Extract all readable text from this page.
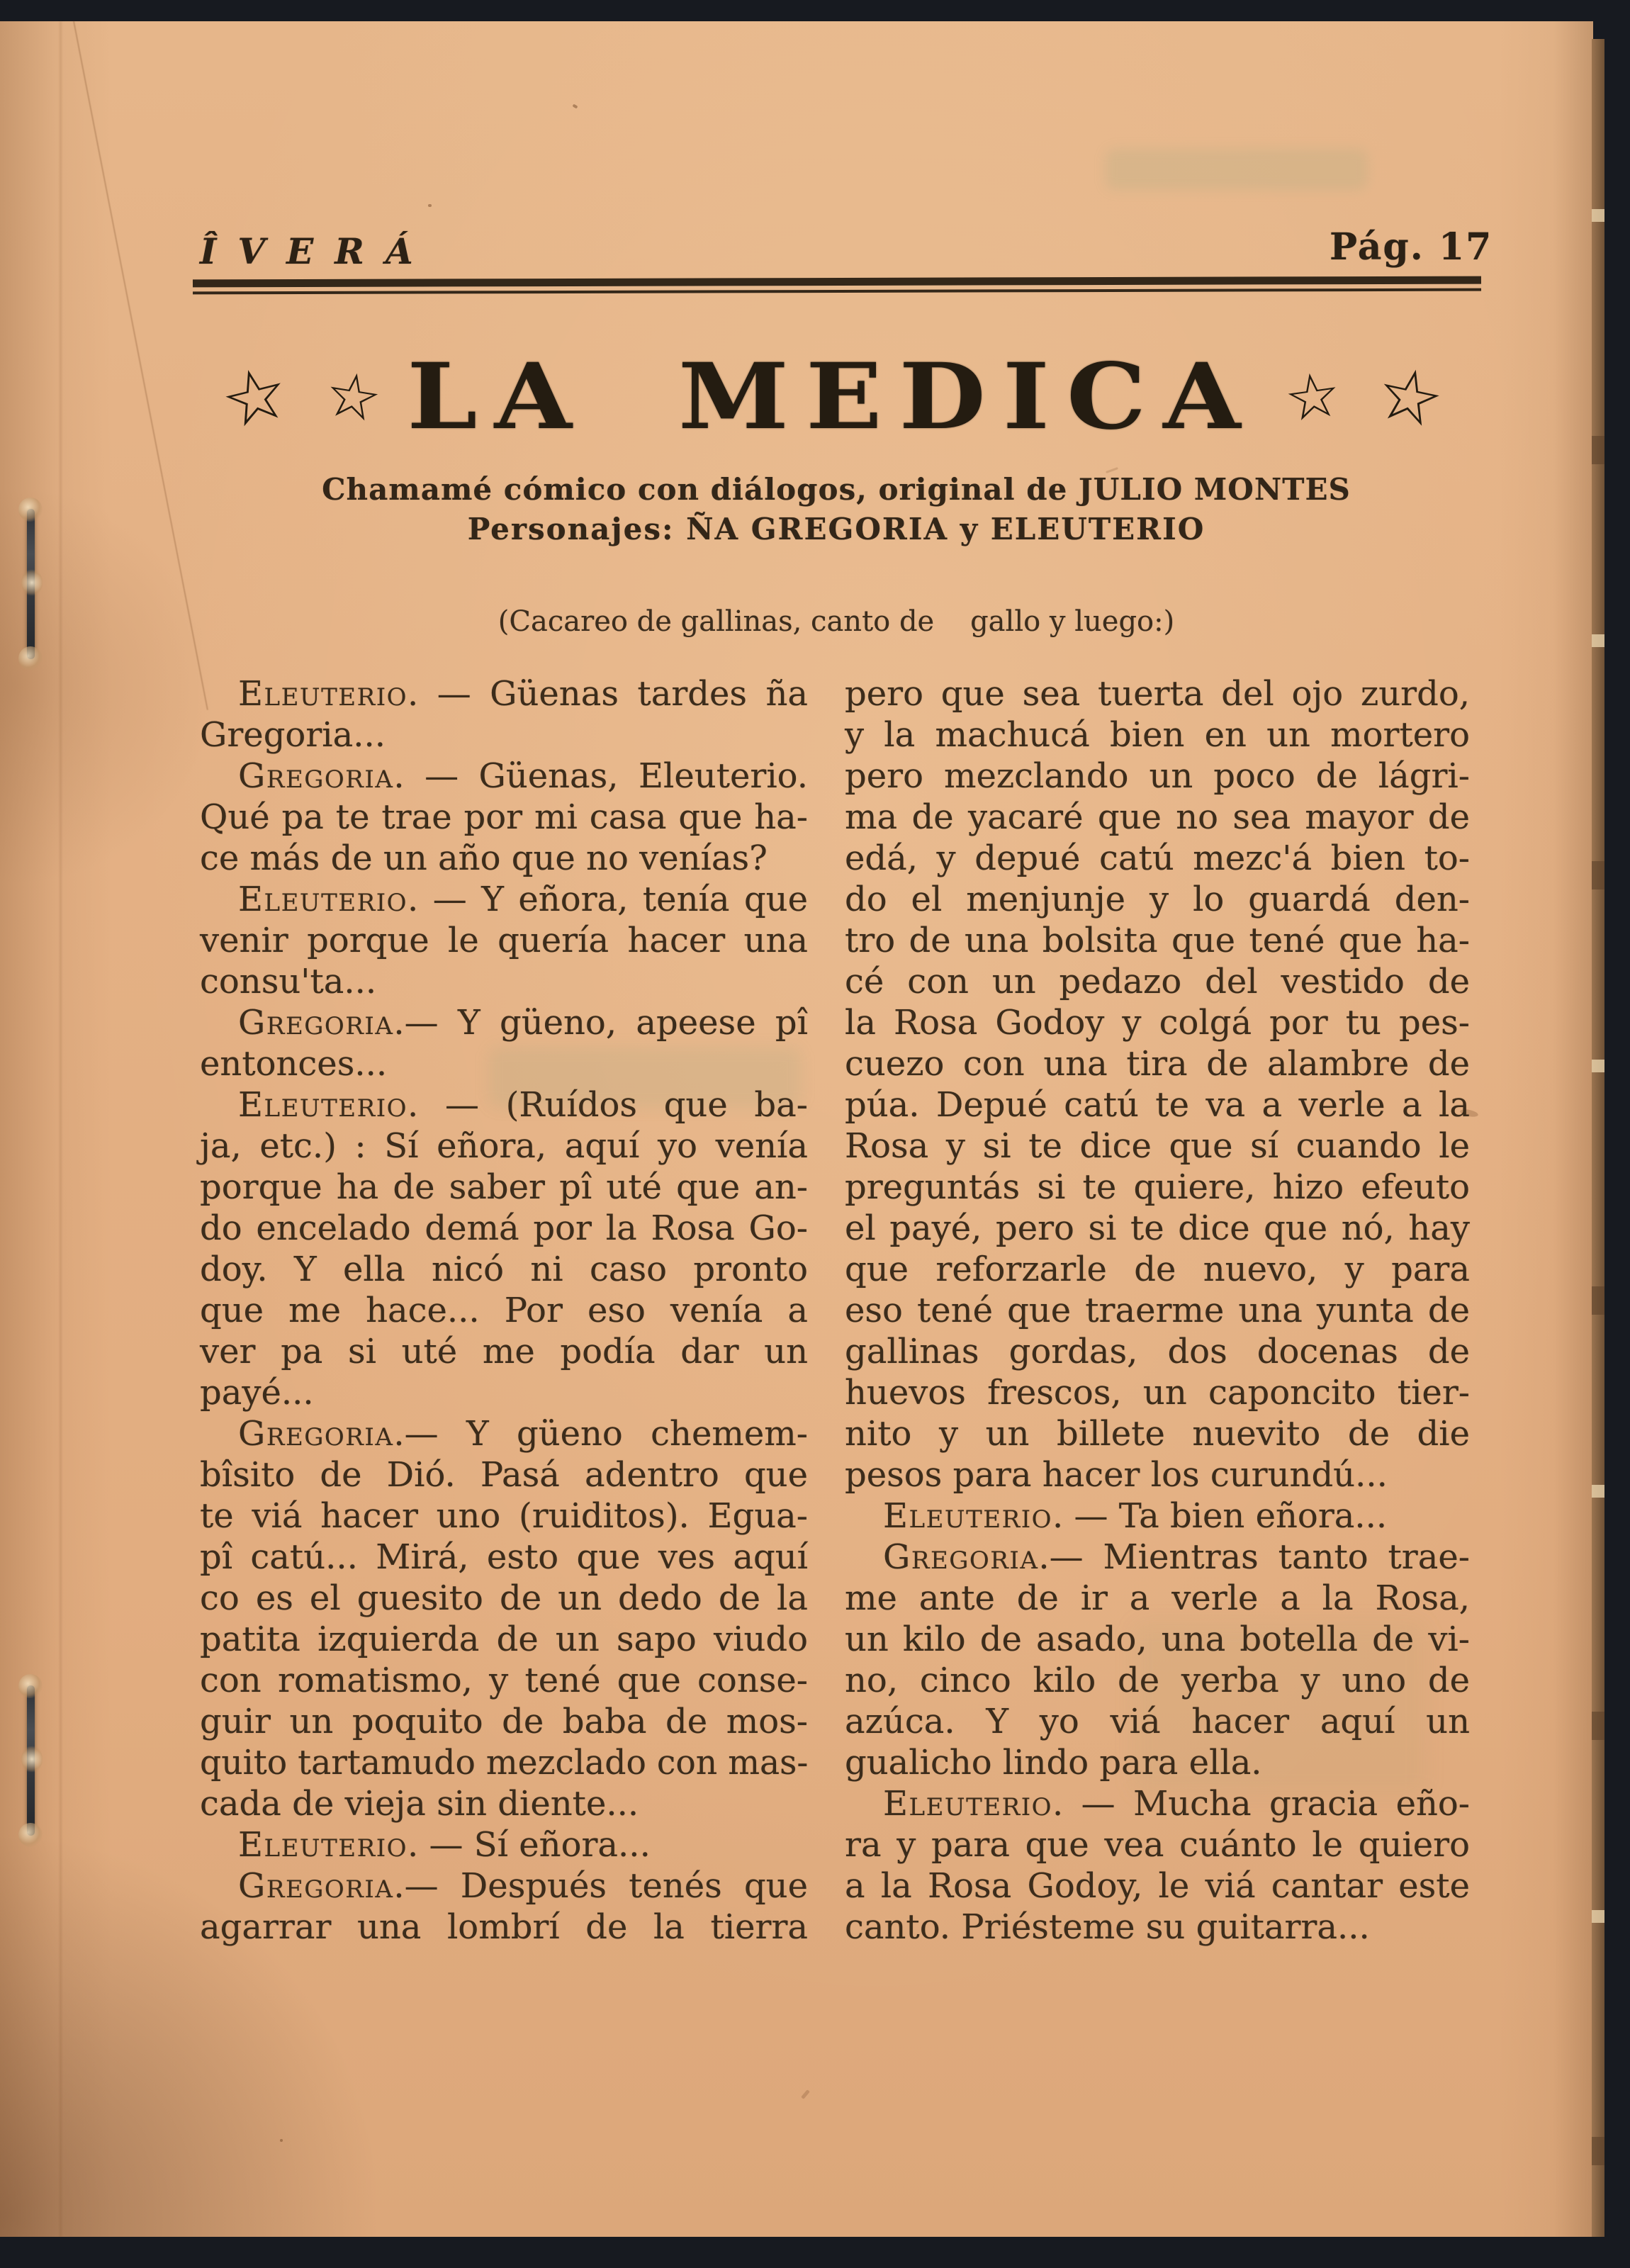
ÎVERÁ	Pág. 17
☆ ☆ LA MEDICA ☆ ☆
Chamamé cómico con diálogos, original de JULIO MONTES
Personajes: ÑA GREGORIA y ELEUTERIO
(Cacareo de gallinas, canto de    gallo y luego:)
Eleuterio. — Güenas tardes ña
Gregoria...
Gregoria. — Güenas, Eleuterio.
Qué pa te trae por mi casa que ha-
ce más de un año que no venías?
Eleuterio. — Y eñora, tenía que
venir porque le quería hacer una
consu'ta...
Gregoria.— Y güeno, apeese pî
entonces...
Eleuterio. — (Ruídos que ba-
ja, etc.) : Sí eñora, aquí yo venía
porque ha de saber pî uté que an-
do encelado demá por la Rosa Go-
doy. Y ella nicó ni caso pronto
que me hace... Por eso venía a
ver pa si uté me podía dar un
payé...
Gregoria.— Y güeno chemem-
bîsito de Dió. Pasá adentro que
te viá hacer uno (ruiditos). Egua-
pî catú... Mirá, esto que ves aquí
co es el guesito de un dedo de la
patita izquierda de un sapo viudo
con romatismo, y tené que conse-
guir un poquito de baba de mos-
quito tartamudo mezclado con mas-
cada de vieja sin diente...
Eleuterio. — Sí eñora...
Gregoria.— Después tenés que
agarrar una lombrí de la tierra
pero que sea tuerta del ojo zurdo,
y la machucá bien en un mortero
pero mezclando un poco de lágri-
ma de yacaré que no sea mayor de
edá, y depué catú mezc'á bien to-
do el menjunje y lo guardá den-
tro de una bolsita que tené que ha-
cé con un pedazo del vestido de
la Rosa Godoy y colgá por tu pes-
cuezo con una tira de alambre de
púa. Depué catú te va a verle a la
Rosa y si te dice que sí cuando le
preguntás si te quiere, hizo efeuto
el payé, pero si te dice que nó, hay
que reforzarle de nuevo, y para
eso tené que traerme una yunta de
gallinas gordas, dos docenas de
huevos frescos, un caponcito tier-
nito y un billete nuevito de die
pesos para hacer los curundú...
Eleuterio. — Ta bien eñora...
Gregoria.— Mientras tanto trae-
me ante de ir a verle a la Rosa,
un kilo de asado, una botella de vi-
no, cinco kilo de yerba y uno de
azúca. Y yo viá hacer aquí un
gualicho lindo para ella.
Eleuterio. — Mucha gracia eño-
ra y para que vea cuánto le quiero
a la Rosa Godoy, le viá cantar este
canto. Priésteme su guitarra...
